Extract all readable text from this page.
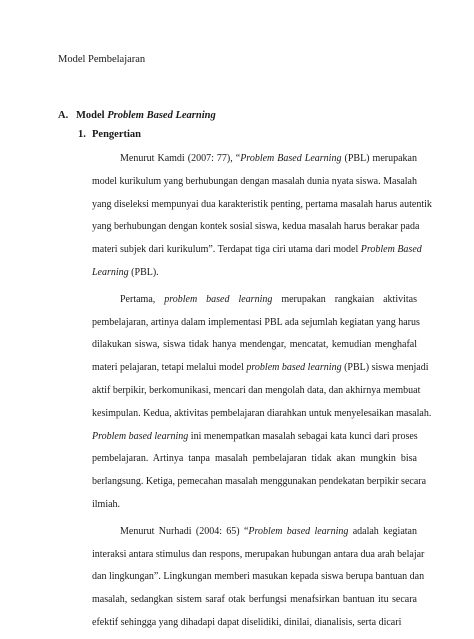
Model Pembelajaran
A. Model Problem Based Learning
1. Pengertian
Menurut Kamdi (2007: 77), “Problem Based Learning (PBL) merupakan
model kurikulum yang berhubungan dengan masalah dunia nyata siswa. Masalah
yang diseleksi mempunyai dua karakteristik penting, pertama masalah harus autentik
yang berhubungan dengan kontek sosial siswa, kedua masalah harus berakar pada
materi subjek dari kurikulum”. Terdapat tiga ciri utama dari model Problem Based
Learning (PBL).
Pertama, problem based learning merupakan rangkaian aktivitas
pembelajaran, artinya dalam implementasi PBL ada sejumlah kegiatan yang harus
dilakukan siswa, siswa tidak hanya mendengar, mencatat, kemudian menghafal
materi pelajaran, tetapi melalui model problem based learning (PBL) siswa menjadi
aktif berpikir, berkomunikasi, mencari dan mengolah data, dan akhirnya membuat
kesimpulan. Kedua, aktivitas pembelajaran diarahkan untuk menyelesaikan masalah.
Problem based learning ini menempatkan masalah sebagai kata kunci dari proses
pembelajaran. Artinya tanpa masalah pembelajaran tidak akan mungkin bisa
berlangsung. Ketiga, pemecahan masalah menggunakan pendekatan berpikir secara
ilmiah.
Menurut Nurhadi (2004: 65) “Problem based learning adalah kegiatan
interaksi antara stimulus dan respons, merupakan hubungan antara dua arah belajar
dan lingkungan”. Lingkungan memberi masukan kepada siswa berupa bantuan dan
masalah, sedangkan sistem saraf otak berfungsi menafsirkan bantuan itu secara
efektif sehingga yang dihadapi dapat diselidiki, dinilai, dianalisis, serta dicari
